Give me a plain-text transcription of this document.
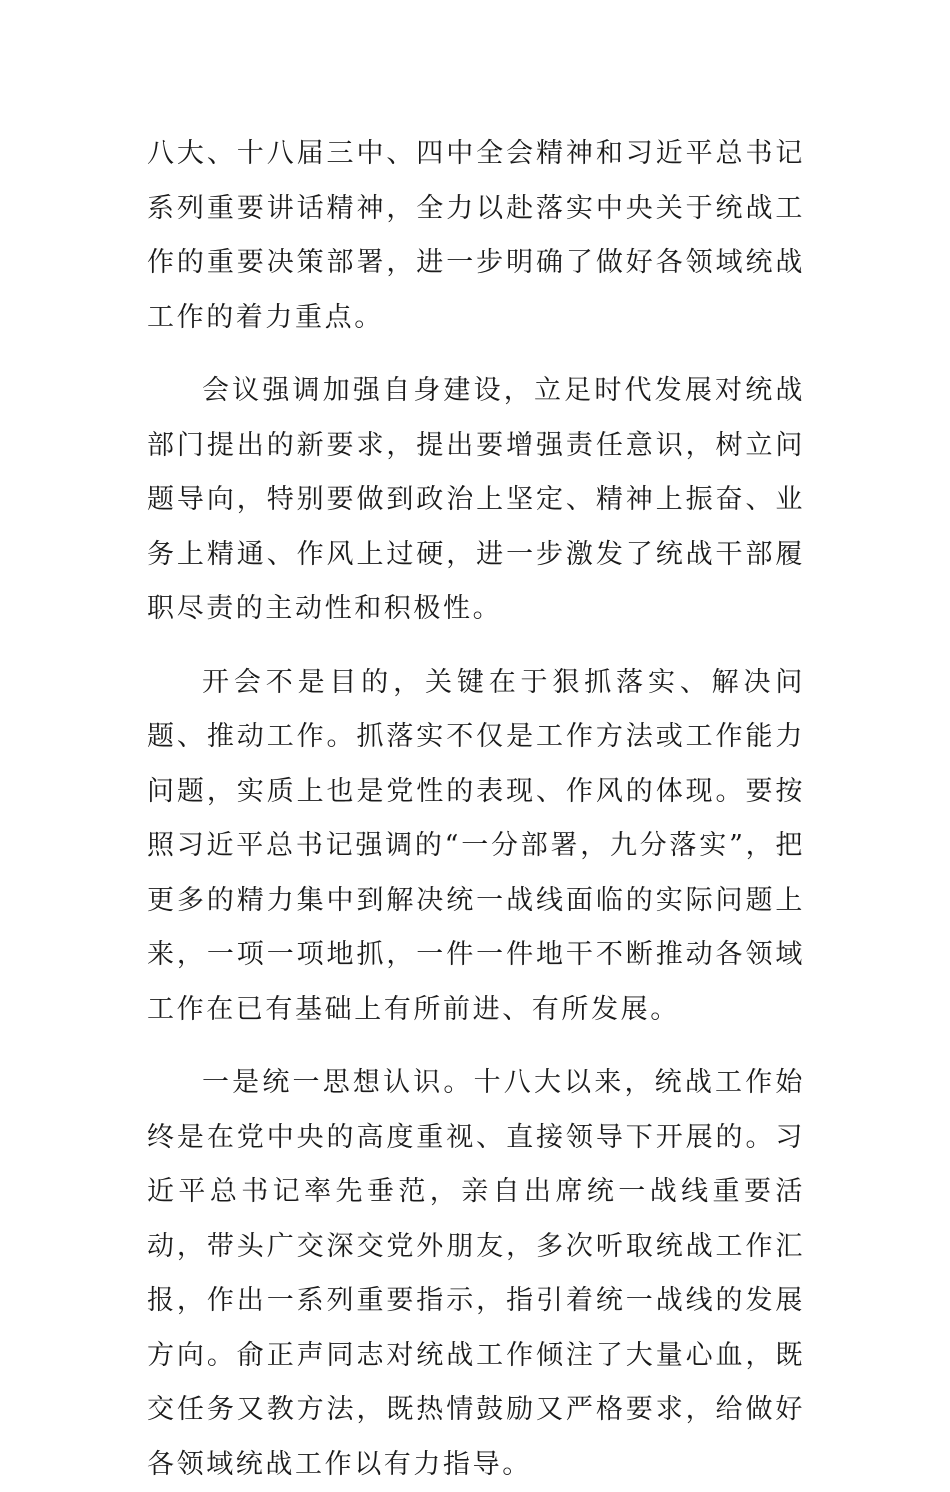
八大、十八届三中、四中全会精神和习近平总书记系列重要讲话精神，全力以赴落实中央关于统战工作的重要决策部署，进一步明确了做好各领域统战工作的着力重点。

会议强调加强自身建设，立足时代发展对统战部门提出的新要求，提出要增强责任意识，树立问题导向，特别要做到政治上坚定、精神上振奋、业务上精通、作风上过硬，进一步激发了统战干部履职尽责的主动性和积极性。

开会不是目的，关键在于狠抓落实、解决问题、推动工作。抓落实不仅是工作方法或工作能力问题，实质上也是党性的表现、作风的体现。要按照习近平总书记强调的“一分部署，九分落实”，把更多的精力集中到解决统一战线面临的实际问题上来，一项一项地抓，一件一件地干不断推动各领域工作在已有基础上有所前进、有所发展。

一是统一思想认识。十八大以来，统战工作始终是在党中央的高度重视、直接领导下开展的。习近平总书记率先垂范，亲自出席统一战线重要活动，带头广交深交党外朋友，多次听取统战工作汇报，作出一系列重要指示，指引着统一战线的发展方向。俞正声同志对统战工作倾注了大量心血，既交任务又教方法，既热情鼓励又严格要求，给做好各领域统战工作以有力指导。
